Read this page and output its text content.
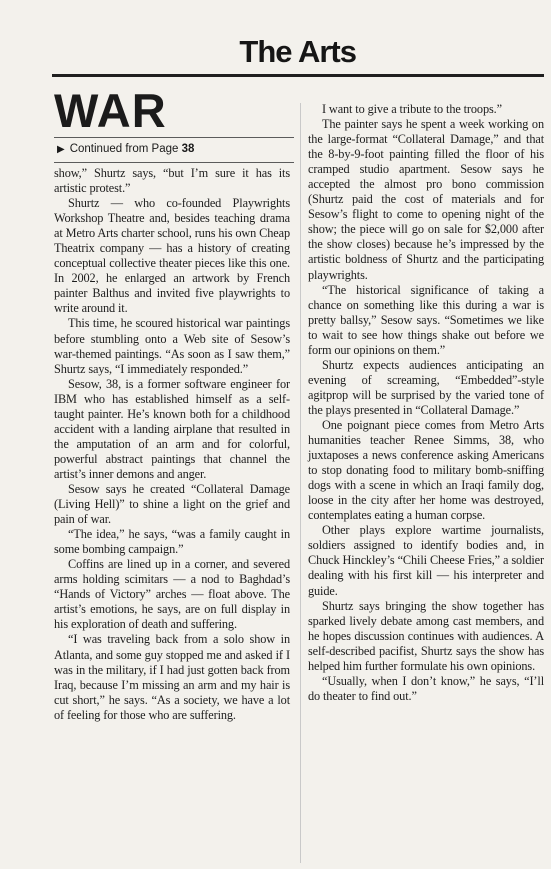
The Arts
WAR
▶ Continued from Page 38

show,” Shurtz says, “but I’m sure it has its artistic protest.”

Shurtz — who co-founded Playwrights Workshop Theatre and, besides teaching drama at Metro Arts charter school, runs his own Cheap Theatrix company — has a history of creating conceptual collective theater pieces like this one. In 2002, he enlarged an artwork by French painter Balthus and invited five playwrights to write around it.

This time, he scoured historical war paintings before stumbling onto a Web site of Sesow’s war-themed paintings. “As soon as I saw them,” Shurtz says, “I immediately responded.”

Sesow, 38, is a former software engineer for IBM who has established himself as a self-taught painter. He’s known both for a childhood accident with a landing airplane that resulted in the amputation of an arm and for colorful, powerful abstract paintings that channel the artist’s inner demons and anger.

Sesow says he created “Collateral Damage (Living Hell)” to shine a light on the grief and pain of war.

“The idea,” he says, “was a family caught in some bombing campaign.”

Coffins are lined up in a corner, and severed arms holding scimitars — a nod to Baghdad’s “Hands of Victory” arches — float above. The artist’s emotions, he says, are on full display in his exploration of death and suffering.

“I was traveling back from a solo show in Atlanta, and some guy stopped me and asked if I was in the military, if I had just gotten back from Iraq, because I’m missing an arm and my hair is cut short,” he says. “As a society, we have a lot of feeling for those who are suffering.

I want to give a tribute to the troops.”

The painter says he spent a week working on the large-format “Collateral Damage,” and that the 8-by-9-foot painting filled the floor of his cramped studio apartment. Sesow says he accepted the almost pro bono commission (Shurtz paid the cost of materials and for Sesow’s flight to come to opening night of the show; the piece will go on sale for $2,000 after the show closes) because he’s impressed by the artistic boldness of Shurtz and the participating playwrights.

“The historical significance of taking a chance on something like this during a war is pretty ballsy,” Sesow says. “Sometimes we like to wait to see how things shake out before we form our opinions on them.”

Shurtz expects audiences anticipating an evening of screaming, “Embedded”-style agitprop will be surprised by the varied tone of the plays presented in “Collateral Damage.”

One poignant piece comes from Metro Arts humanities teacher Renee Simms, 38, who juxtaposes a news conference asking Americans to stop donating food to military bomb-sniffing dogs with a scene in which an Iraqi family dog, loose in the city after her home was destroyed, contemplates eating a human corpse.

Other plays explore wartime journalists, soldiers assigned to identify bodies and, in Chuck Hinckley’s “Chili Cheese Fries,” a soldier dealing with his first kill — his interpreter and guide.

Shurtz says bringing the show together has sparked lively debate among cast members, and he hopes discussion continues with audiences. A self-described pacifist, Shurtz says the show has helped him further formulate his own opinions.

“Usually, when I don’t know,” he says, “I’ll do theater to find out.”
